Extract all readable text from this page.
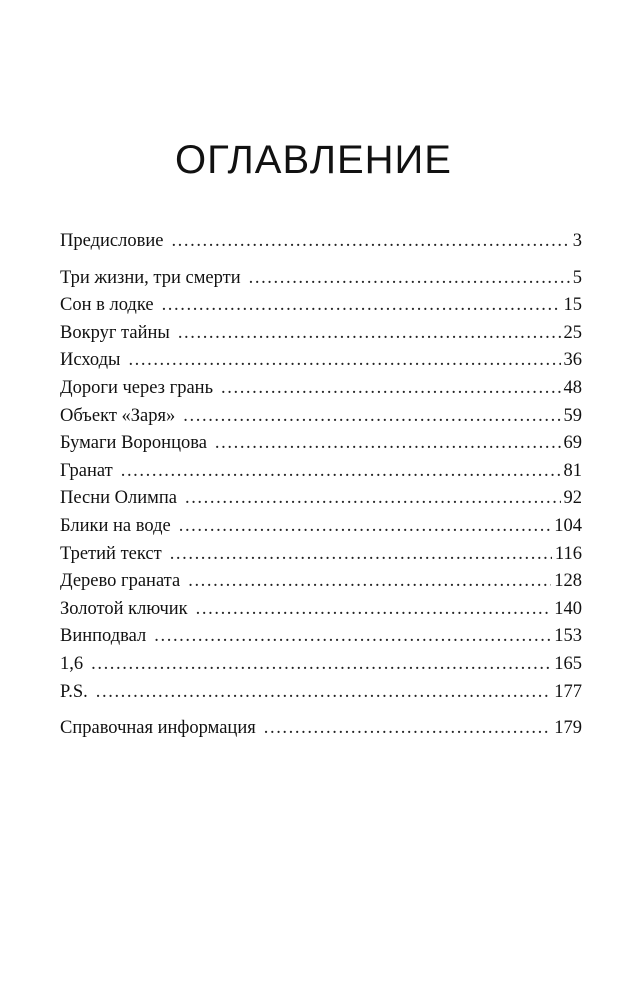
ОГЛАВЛЕНИЕ
Предисловие .....	3
Три жизни, три смерти .....	5
Сон в лодке .....	15
Вокруг тайны .....	25
Исходы .....	36
Дороги через грань .....	48
Объект «Заря» .....	59
Бумаги Воронцова .....	69
Гранат .....	81
Песни Олимпа .....	92
Блики на воде .....	104
Третий текст .....	116
Дерево граната .....	128
Золотой ключик .....	140
Винподвал .....	153
1,6 .....	165
P.S. .....	177
Справочная информация .....	179
